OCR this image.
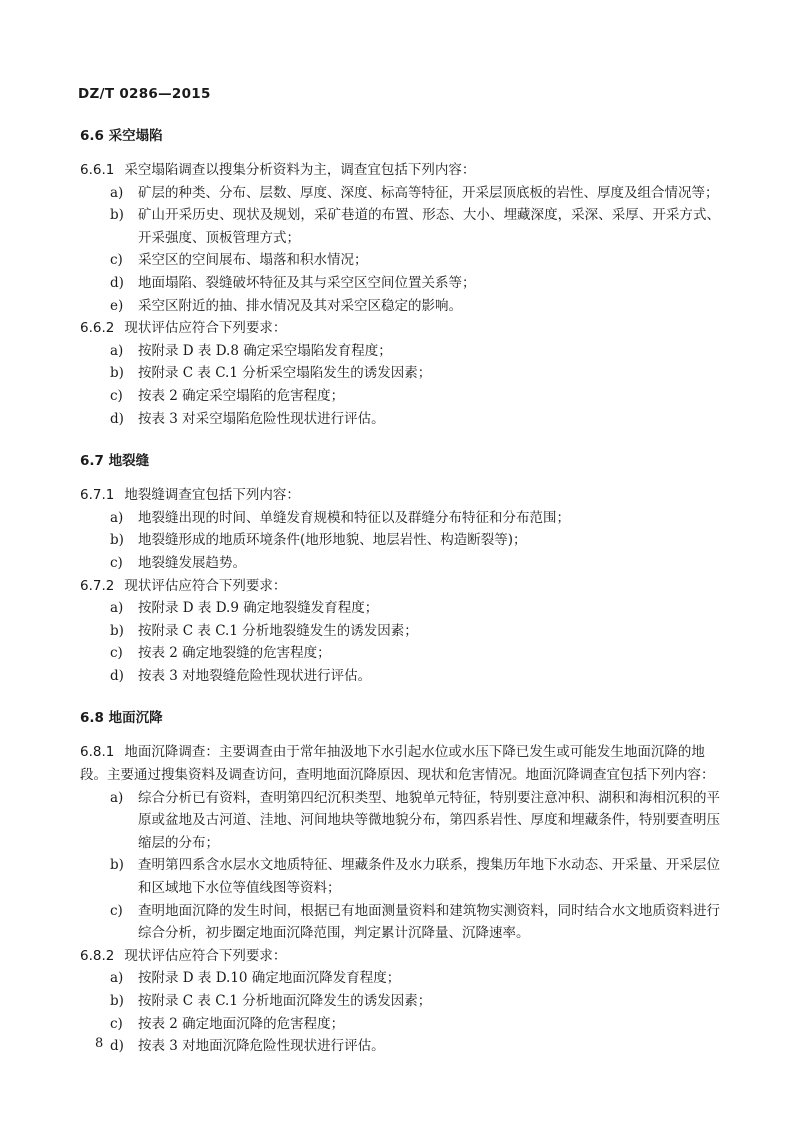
DZ/T 0286—2015
6.6 采空塌陷
6.6.1 采空塌陷调查以搜集分析资料为主，调查宜包括下列内容：
a)	矿层的种类、分布、层数、厚度、深度、标高等特征，开采层顶底板的岩性、厚度及组合情况等；
b)	矿山开采历史、现状及规划，采矿巷道的布置、形态、大小、埋藏深度，采深、采厚、开采方式、开采强度、顶板管理方式；
c)	采空区的空间展布、塌落和积水情况；
d)	地面塌陷、裂缝破坏特征及其与采空区空间位置关系等；
e)	采空区附近的抽、排水情况及其对采空区稳定的影响。
6.6.2 现状评估应符合下列要求：
a)	按附录 D 表 D.8 确定采空塌陷发育程度；
b)	按附录 C 表 C.1 分析采空塌陷发生的诱发因素；
c)	按表 2 确定采空塌陷的危害程度；
d)	按表 3 对采空塌陷危险性现状进行评估。
6.7 地裂缝
6.7.1 地裂缝调查宜包括下列内容：
a)	地裂缝出现的时间、单缝发育规模和特征以及群缝分布特征和分布范围；
b)	地裂缝形成的地质环境条件(地形地貌、地层岩性、构造断裂等)；
c)	地裂缝发展趋势。
6.7.2 现状评估应符合下列要求：
a)	按附录 D 表 D.9 确定地裂缝发育程度；
b)	按附录 C 表 C.1 分析地裂缝发生的诱发因素；
c)	按表 2 确定地裂缝的危害程度；
d)	按表 3 对地裂缝危险性现状进行评估。
6.8 地面沉降
6.8.1 地面沉降调查：主要调查由于常年抽汲地下水引起水位或水压下降已发生或可能发生地面沉降的地段。主要通过搜集资料及调查访问，查明地面沉降原因、现状和危害情况。地面沉降调查宜包括下列内容：
a)	综合分析已有资料，查明第四纪沉积类型、地貌单元特征，特别要注意冲积、湖积和海相沉积的平原或盆地及古河道、洼地、河间地块等微地貌分布，第四系岩性、厚度和埋藏条件，特别要查明压缩层的分布；
b)	查明第四系含水层水文地质特征、埋藏条件及水力联系，搜集历年地下水动态、开采量、开采层位和区域地下水位等值线图等资料；
c)	查明地面沉降的发生时间，根据已有地面测量资料和建筑物实测资料，同时结合水文地质资料进行综合分析，初步圈定地面沉降范围，判定累计沉降量、沉降速率。
6.8.2 现状评估应符合下列要求：
a)	按附录 D 表 D.10 确定地面沉降发育程度；
b)	按附录 C 表 C.1 分析地面沉降发生的诱发因素；
c)	按表 2 确定地面沉降的危害程度；
d)	按表 3 对地面沉降危险性现状进行评估。
8
